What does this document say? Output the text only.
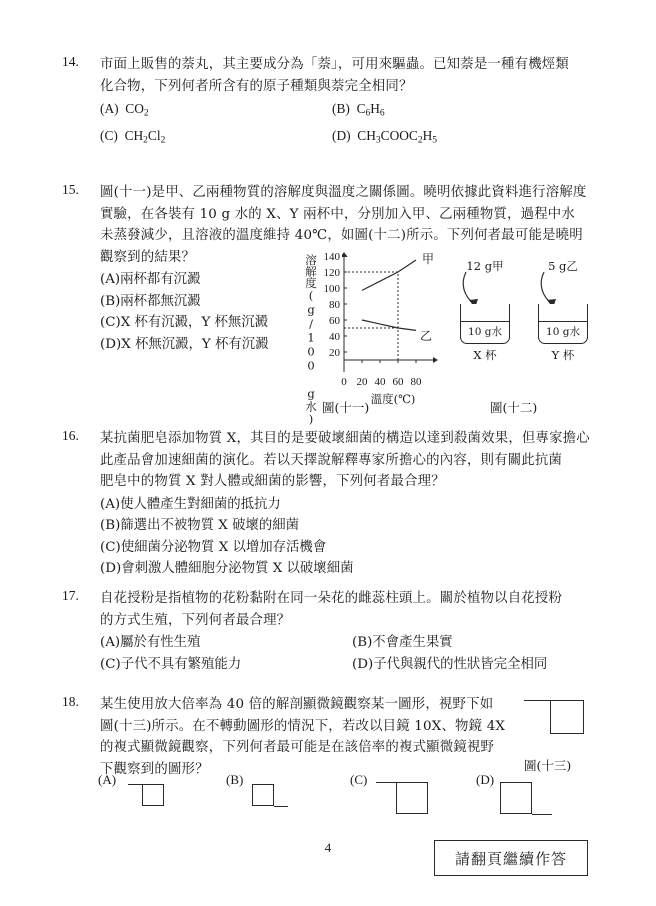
14.	市面上販售的萘丸，其主要成分為「萘」，可用來驅蟲。已知萘是一種有機烴類
化合物，下列何者所含有的原子種類與萘完全相同？
(A)  $CO_2$	(B)  $C_6H_6$
(C)  $CH_2Cl_2$	(D)  $CH_3COOC_2H_5$
15.	圖(十一)是甲、乙兩種物質的溶解度與溫度之關係圖。曉明依據此資料進行溶解度
實驗，在各裝有 10 g 水的 X、Y 兩杯中，分別加入甲、乙兩種物質，過程中水
未蒸發減少，且溶液的溫度維持 40℃，如圖(十二)所示。下列何者最可能是曉明
觀察到的結果？
(A)兩杯都有沉澱
(B)兩杯都無沉澱
(C)X 杯有沉澱，Y 杯無沉澱
(D)X 杯無沉澱，Y 杯有沉澱	溶解度(g/100 g水) 140
120
100
80
60
40
20
甲
乙
0 20 40 60 80
溫度(℃)
圖(十一)
12 g甲
10 g水
X 杯
5 g乙
10 g水
Y 杯
圖(十二)
16.	某抗菌肥皂添加物質 X，其目的是要破壞細菌的構造以達到殺菌效果，但專家擔心
此產品會加速細菌的演化。若以天擇說解釋專家所擔心的內容，則有關此抗菌
肥皂中的物質 X 對人體或細菌的影響，下列何者最合理？
(A)使人體產生對細菌的抵抗力
(B)篩選出不被物質 X 破壞的細菌
(C)使細菌分泌物質 X 以增加存活機會
(D)會刺激人體細胞分泌物質 X 以破壞細菌
17.	自花授粉是指植物的花粉黏附在同一朵花的雌蕊柱頭上。關於植物以自花授粉
的方式生殖，下列何者最合理？
(A)屬於有性生殖	(B)不會產生果實
(C)子代不具有繁殖能力	(D)子代與親代的性狀皆完全相同
18.	某生使用放大倍率為 40 倍的解剖顯微鏡觀察某一圖形，視野下如
圖(十三)所示。在不轉動圖形的情況下，若改以目鏡 10X、物鏡 4X
的複式顯微鏡觀察，下列何者最可能是在該倍率的複式顯微鏡視野
下觀察到的圖形？	圖(十三)
(A)	(B)	(C)	(D)
4
請翻頁繼續作答
